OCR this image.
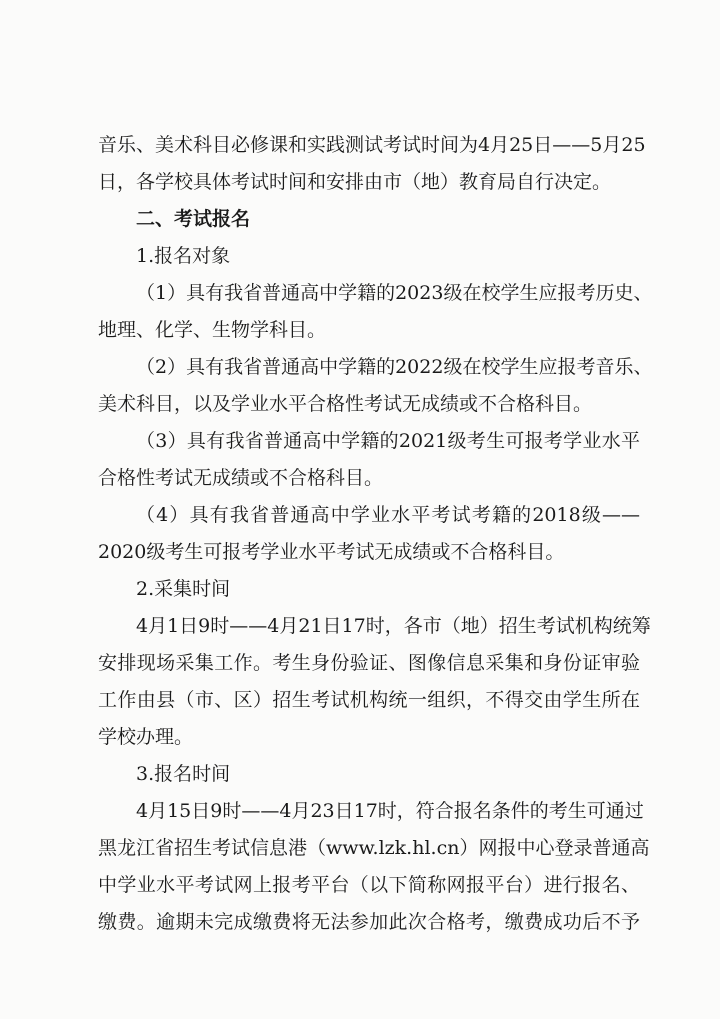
音乐、美术科目必修课和实践测试考试时间为4月25日——5月25
日，各学校具体考试时间和安排由市（地）教育局自行决定。
二、考试报名
1.报名对象
（1）具有我省普通高中学籍的2023级在校学生应报考历史、
地理、化学、生物学科目。
（2）具有我省普通高中学籍的2022级在校学生应报考音乐、
美术科目，以及学业水平合格性考试无成绩或不合格科目。
（3）具有我省普通高中学籍的2021级考生可报考学业水平
合格性考试无成绩或不合格科目。
（4）具有我省普通高中学业水平考试考籍的2018级——
2020级考生可报考学业水平考试无成绩或不合格科目。
2.采集时间
4月1日9时——4月21日17时，各市（地）招生考试机构统筹
安排现场采集工作。考生身份验证、图像信息采集和身份证审验
工作由县（市、区）招生考试机构统一组织，不得交由学生所在
学校办理。
3.报名时间
4月15日9时——4月23日17时，符合报名条件的考生可通过
黑龙江省招生考试信息港（www.lzk.hl.cn）网报中心登录普通高
中学业水平考试网上报考平台（以下简称网报平台）进行报名、
缴费。逾期未完成缴费将无法参加此次合格考，缴费成功后不予
